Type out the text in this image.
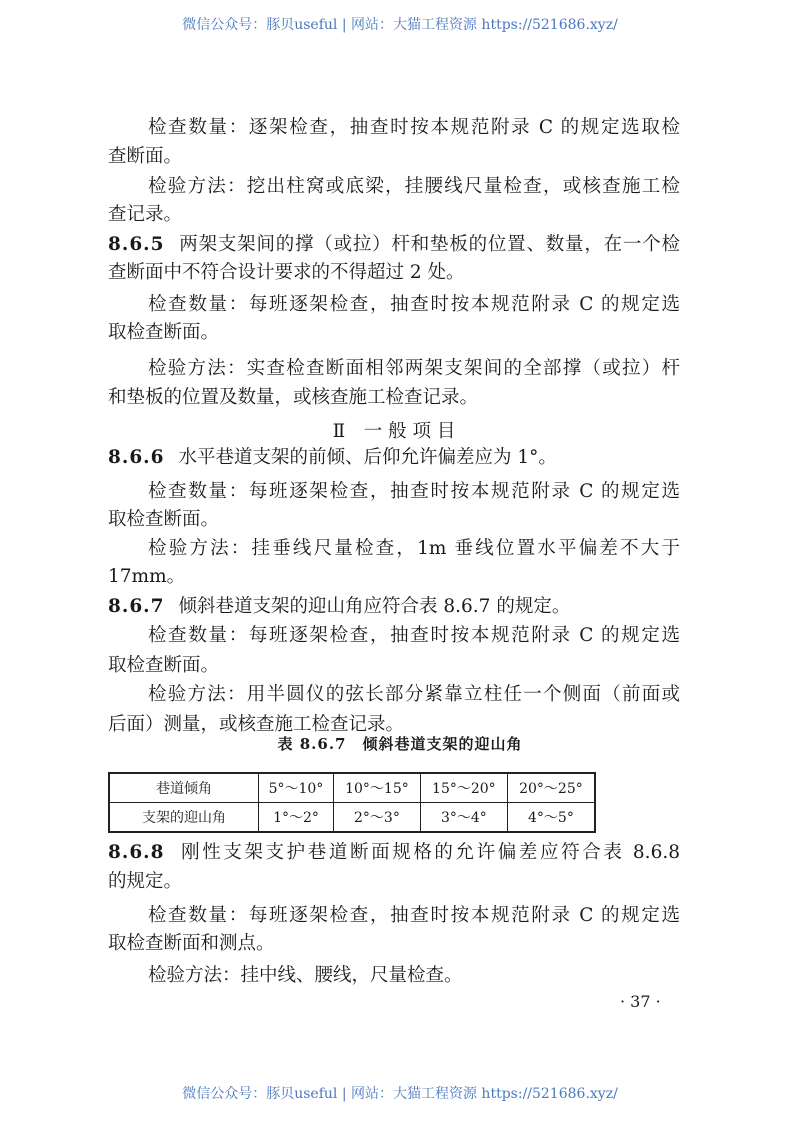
微信公众号：豚贝useful | 网站：大猫工程资源 https://521686.xyz/
检查数量：逐架检查，抽查时按本规范附录 C 的规定选取检
查断面。
检验方法：挖出柱窝或底梁，挂腰线尺量检查，或核查施工检
查记录。
8.6.5 两架支架间的撑（或拉）杆和垫板的位置、数量，在一个检
查断面中不符合设计要求的不得超过 2 处。
检查数量：每班逐架检查，抽查时按本规范附录 C 的规定选
取检查断面。
检验方法：实查检查断面相邻两架支架间的全部撑（或拉）杆
和垫板的位置及数量，或核查施工检查记录。
Ⅱ　一 般 项 目
8.6.6 水平巷道支架的前倾、后仰允许偏差应为 1°。
检查数量：每班逐架检查，抽查时按本规范附录 C 的规定选
取检查断面。
检验方法：挂垂线尺量检查，1m 垂线位置水平偏差不大于
17mm。
8.6.7 倾斜巷道支架的迎山角应符合表 8.6.7 的规定。
检查数量：每班逐架检查，抽查时按本规范附录 C 的规定选
取检查断面。
检验方法：用半圆仪的弦长部分紧靠立柱任一个侧面（前面或
后面）测量，或核查施工检查记录。
8.6.8 刚性支架支护巷道断面规格的允许偏差应符合表 8.6.8
的规定。
检查数量：每班逐架检查，抽查时按本规范附录 C 的规定选
取检查断面和测点。
检验方法：挂中线、腰线，尺量检查。
表 8.6.7　倾斜巷道支架的迎山角
巷道倾角	5°～10°	10°～15°	15°～20°	20°～25°
支架的迎山角	1°～2°	2°～3°	3°～4°	4°～5°
· 37 ·
微信公众号：豚贝useful | 网站：大猫工程资源 https://521686.xyz/
